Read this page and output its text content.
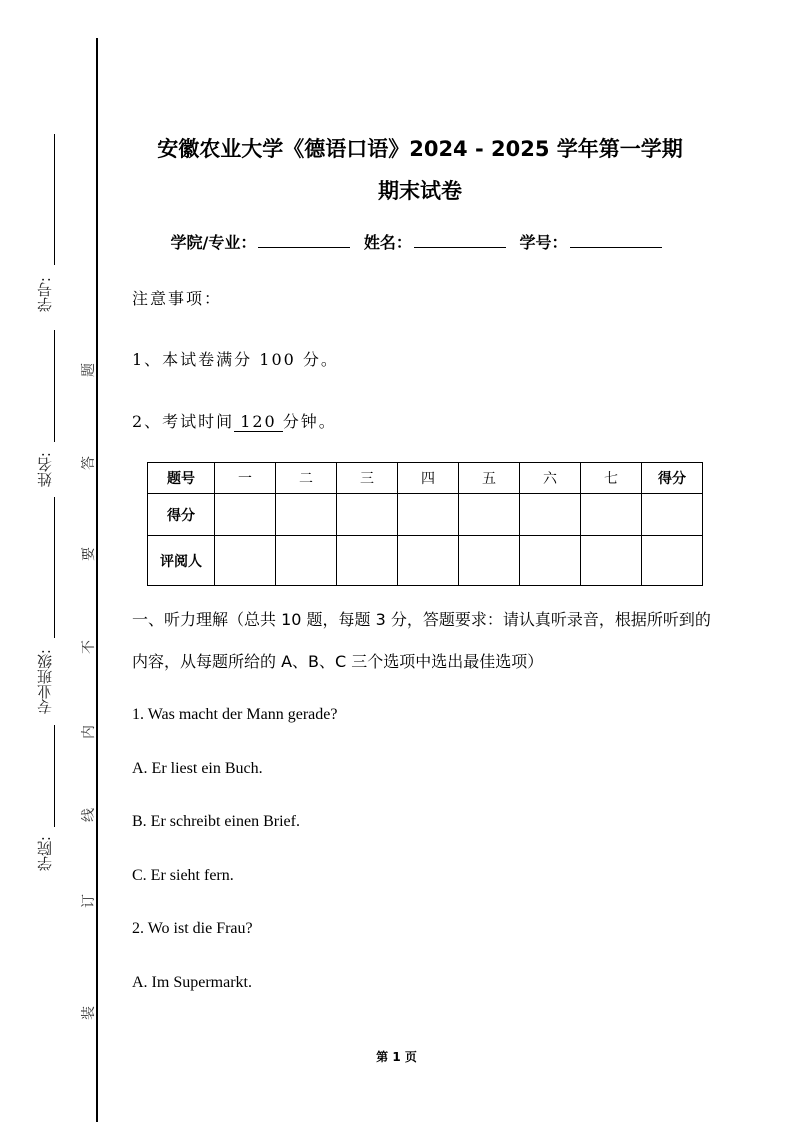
学号:
姓名:
专业班级:
学院:
题
答
要
不
内
线
订
装
安徽农业大学《德语口语》2024 - 2025 学年第一学期
期末试卷
学院/专业：	姓名：	学号：
注意事项：
1、本试卷满分 100 分。
2、考试时间 120 分钟。
题号	一	二	三	四	五	六	七	得分
得分								
评阅人								
一、听力理解（总共 10 题，每题 3 分，答题要求：请认真听录音，根据所听到的内容，从每题所给的 A、B、C 三个选项中选出最佳选项）
1. Was macht der Mann gerade?
A. Er liest ein Buch.
B. Er schreibt einen Brief.
C. Er sieht fern.
2. Wo ist die Frau?
A. Im Supermarkt.
第 1 页
